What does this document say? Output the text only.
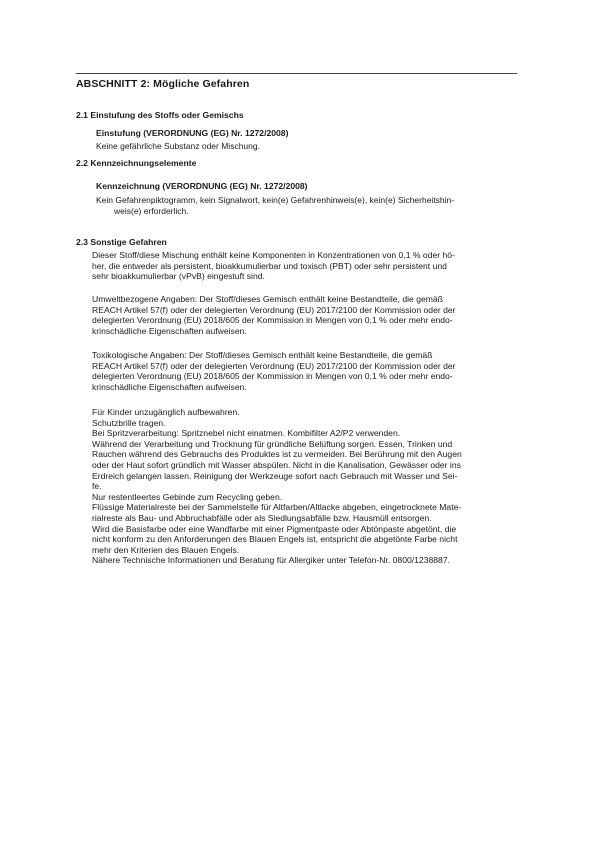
ABSCHNITT 2: Mögliche Gefahren
2.1 Einstufung des Stoffs oder Gemischs
Einstufung (VERORDNUNG (EG) Nr. 1272/2008)
Keine gefährliche Substanz oder Mischung.
2.2 Kennzeichnungselemente
Kennzeichnung (VERORDNUNG (EG) Nr. 1272/2008)
Kein Gefahrenpiktogramm, kein Signalwort, kein(e) Gefahrenhinweis(e), kein(e) Sicherheitshin-
weis(e) erforderlich.
2.3 Sonstige Gefahren
Dieser Stoff/diese Mischung enthält keine Komponenten in Konzentrationen von 0,1 % oder hö-
her, die entweder als persistent, bioakkumulierbar und toxisch (PBT) oder sehr persistent und
sehr bioakkumulierbar (vPvB) eingestuft sind.
Umweltbezogene Angaben: Der Stoff/dieses Gemisch enthält keine Bestandteile, die gemäß
REACH Artikel 57(f) oder der delegierten Verordnung (EU) 2017/2100 der Kommission oder der
delegierten Verordnung (EU) 2018/605 der Kommission in Mengen von 0,1 % oder mehr endo-
krinschädliche Eigenschaften aufweisen.
Toxikologische Angaben: Der Stoff/dieses Gemisch enthält keine Bestandteile, die gemäß
REACH Artikel 57(f) oder der delegierten Verordnung (EU) 2017/2100 der Kommission oder der
delegierten Verordnung (EU) 2018/605 der Kommission in Mengen von 0,1 % oder mehr endo-
krinschädliche Eigenschaften aufweisen.
Für Kinder unzugänglich aufbewahren.
Schutzbrille tragen.
Bei Spritzverarbeitung: Spritznebel nicht einatmen. Kombifilter A2/P2 verwenden.
Während der Verarbeitung und Trocknung für gründliche Belüftung sorgen. Essen, Trinken und
Rauchen während des Gebrauchs des Produktes ist zu vermeiden. Bei Berührung mit den Augen
oder der Haut sofort gründlich mit Wasser abspülen. Nicht in die Kanalisation, Gewässer oder ins
Erdreich gelangen lassen. Reinigung der Werkzeuge sofort nach Gebrauch mit Wasser und Sei-
fe.
Nur restentleertes Gebinde zum Recycling geben.
Flüssige Materialreste bei der Sammelstelle für Altfarben/Altlacke abgeben, eingetrocknete Mate-
rialreste als Bau- und Abbruchabfälle oder als Siedlungsabfälle bzw. Hausmüll entsorgen.
Wird die Basisfarbe oder eine Wandfarbe mit einer Pigmentpaste oder Abtönpaste abgetönt, die
nicht konform zu den Anforderungen des Blauen Engels ist, entspricht die abgetönte Farbe nicht
mehr den Kriterien des Blauen Engels.
Nähere Technische Informationen und Beratung für Allergiker unter Telefon-Nr. 0800/1238887.
